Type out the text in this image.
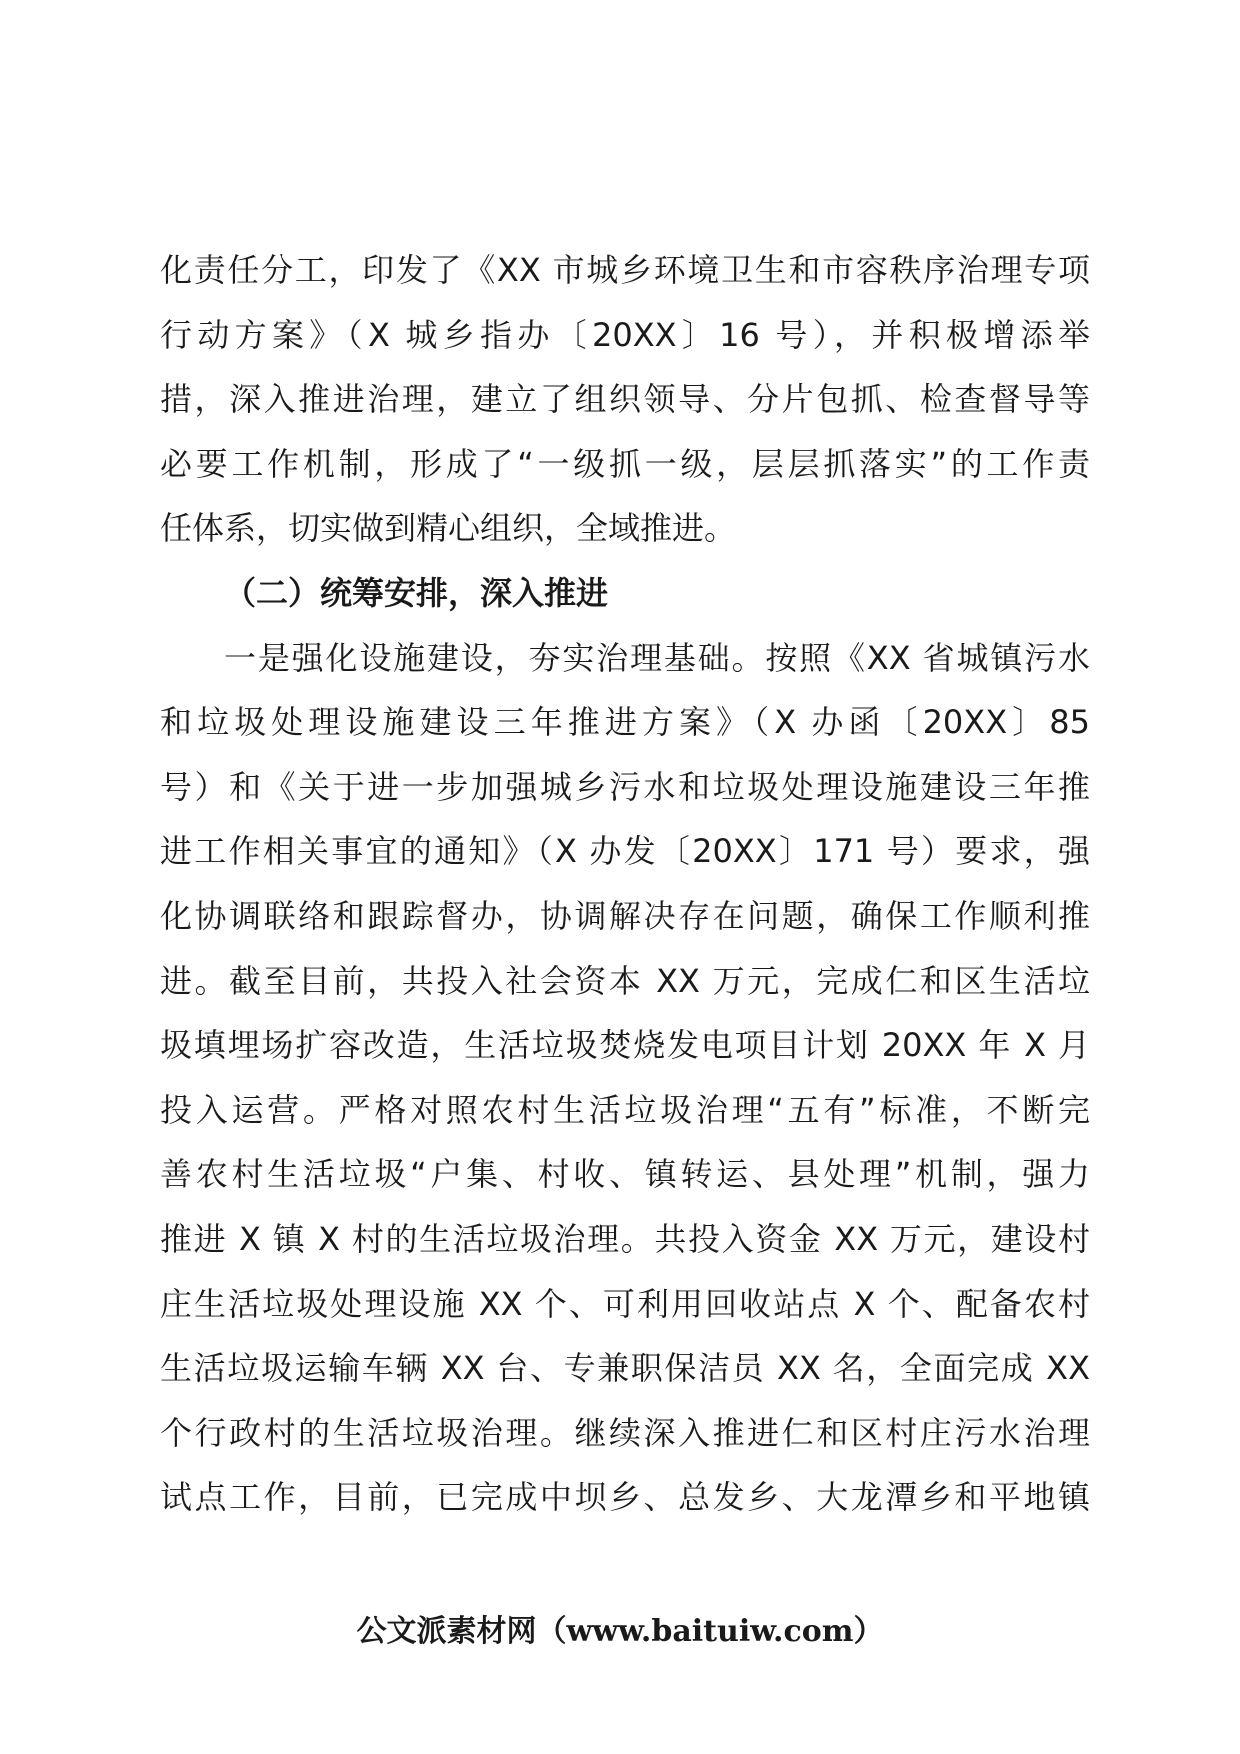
化责任分工，印发了《XX 市城乡环境卫生和市容秩序治理专项
行动方案》（X 城乡指办〔20XX〕16 号），并积极增添举
措，深入推进治理，建立了组织领导、分片包抓、检查督导等
必要工作机制，形成了“一级抓一级，层层抓落实”的工作责
任体系，切实做到精心组织，全域推进。
（二）统筹安排，深入推进
一是强化设施建设，夯实治理基础。按照《XX 省城镇污水
和垃圾处理设施建设三年推进方案》（X 办函〔20XX〕85
号）和《关于进一步加强城乡污水和垃圾处理设施建设三年推
进工作相关事宜的通知》（X 办发〔20XX〕171 号）要求，强
化协调联络和跟踪督办，协调解决存在问题，确保工作顺利推
进。截至目前，共投入社会资本 XX 万元，完成仁和区生活垃
圾填埋场扩容改造，生活垃圾焚烧发电项目计划 20XX 年 X 月
投入运营。严格对照农村生活垃圾治理“五有”标准，不断完
善农村生活垃圾“户集、村收、镇转运、县处理”机制，强力
推进 X 镇 X 村的生活垃圾治理。共投入资金 XX 万元，建设村
庄生活垃圾处理设施 XX 个、可利用回收站点 X 个、配备农村
生活垃圾运输车辆 XX 台、专兼职保洁员 XX 名，全面完成 XX
个行政村的生活垃圾治理。继续深入推进仁和区村庄污水治理
试点工作，目前，已完成中坝乡、总发乡、大龙潭乡和平地镇
公文派素材网（www.baituiw.com）
